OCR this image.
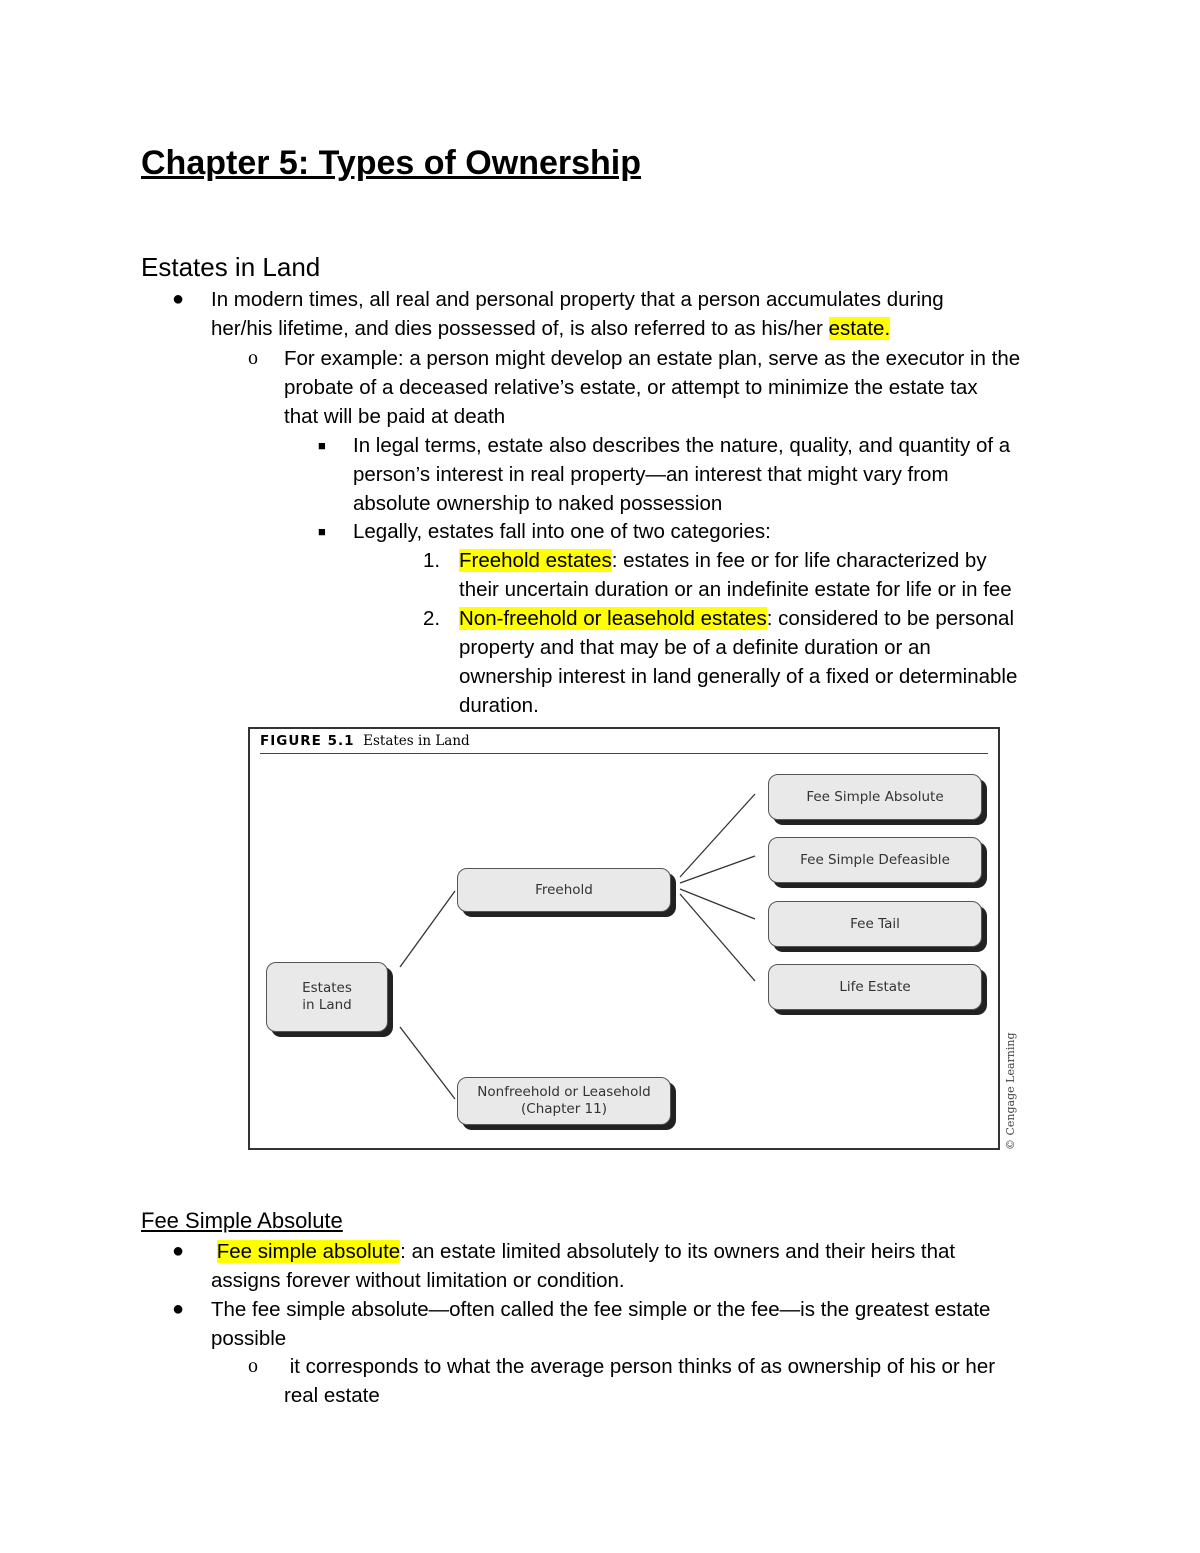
Chapter 5: Types of Ownership
Estates in Land
● In modern times, all real and personal property that a person accumulates during
her/his lifetime, and dies possessed of, is also referred to as his/her estate.
o For example: a person might develop an estate plan, serve as the executor in the
probate of a deceased relative’s estate, or attempt to minimize the estate tax
that will be paid at death
■ In legal terms, estate also describes the nature, quality, and quantity of a
person’s interest in real property—an interest that might vary from
absolute ownership to naked possession
■ Legally, estates fall into one of two categories:
1. Freehold estates: estates in fee or for life characterized by
their uncertain duration or an indefinite estate for life or in fee
2. Non-freehold or leasehold estates: considered to be personal
property and that may be of a definite duration or an
ownership interest in land generally of a fixed or determinable
duration.
FIGURE 5.1 Estates in Land
Estates
in Land
Freehold
Nonfreehold or Leasehold
(Chapter 11)
Fee Simple Absolute
Fee Simple Defeasible
Fee Tail
Life Estate
© Cengage Learning
Fee Simple Absolute
● Fee simple absolute: an estate limited absolutely to its owners and their heirs that
assigns forever without limitation or condition.
● The fee simple absolute—often called the fee simple or the fee—is the greatest estate
possible
o it corresponds to what the average person thinks of as ownership of his or her
real estate
